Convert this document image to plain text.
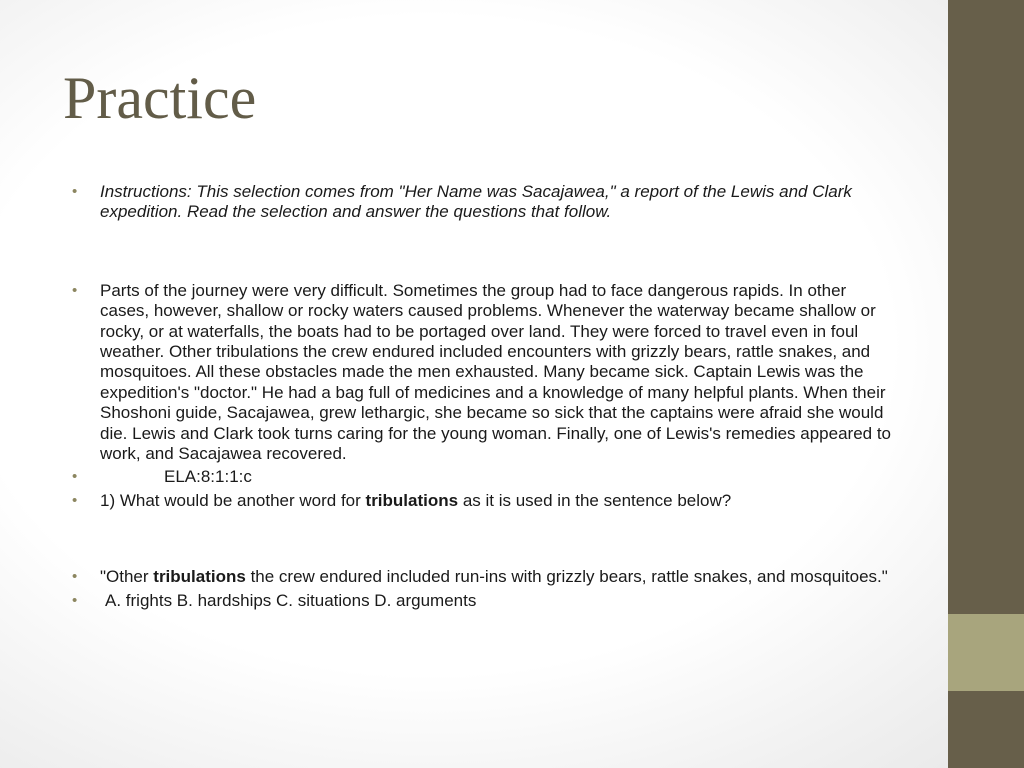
Practice
• Instructions: This selection comes from "Her Name was Sacajawea," a report of the Lewis and Clark expedition. Read the selection and answer the questions that follow.
• Parts of the journey were very difficult. Sometimes the group had to face dangerous rapids. In other cases, however, shallow or rocky waters caused problems. Whenever the waterway became shallow or rocky, or at waterfalls, the boats had to be portaged over land. They were forced to travel even in foul weather. Other tribulations the crew endured included encounters with grizzly bears, rattle snakes, and mosquitoes. All these obstacles made the men exhausted. Many became sick. Captain Lewis was the expedition's "doctor." He had a bag full of medicines and a knowledge of many helpful plants. When their Shoshoni guide, Sacajawea, grew lethargic, she became so sick that the captains were afraid she would die. Lewis and Clark took turns caring for the young woman. Finally, one of Lewis's remedies appeared to work, and Sacajawea recovered.
•	ELA:8:1:1:c
• 1) What would be another word for tribulations as it is used in the sentence below?
• "Other tribulations the crew endured included run-ins with grizzly bears, rattle snakes, and mosquitoes."
• A. frights B. hardships C. situations D. arguments
